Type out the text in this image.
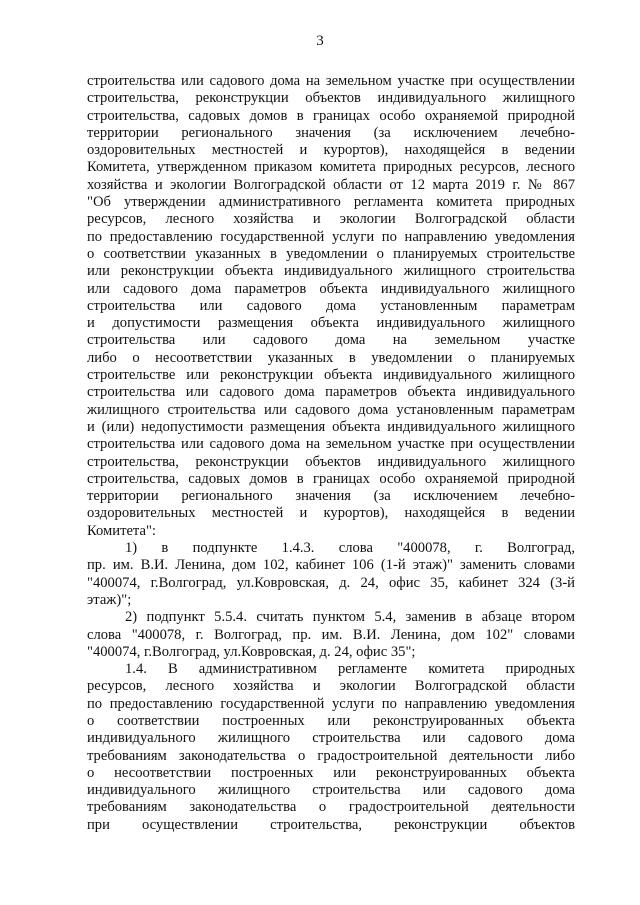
3

строительства или садового дома на земельном участке при осуществлении
строительства, реконструкции объектов индивидуального жилищного
строительства, садовых домов в границах особо охраняемой природной
территории регионального значения (за исключением лечебно-
оздоровительных местностей и курортов), находящейся в ведении
Комитета, утвержденном приказом комитета природных ресурсов, лесного
хозяйства и экологии Волгоградской области от 12 марта 2019 г. № 867
"Об утверждении административного регламента комитета природных
ресурсов, лесного хозяйства и экологии Волгоградской области
по предоставлению государственной услуги по направлению уведомления
о соответствии указанных в уведомлении о планируемых строительстве
или реконструкции объекта индивидуального жилищного строительства
или садового дома параметров объекта индивидуального жилищного
строительства или садового дома установленным параметрам
и допустимости размещения объекта индивидуального жилищного
строительства или садового дома на земельном участке
либо о несоответствии указанных в уведомлении о планируемых
строительстве или реконструкции объекта индивидуального жилищного
строительства или садового дома параметров объекта индивидуального
жилищного строительства или садового дома установленным параметрам
и (или) недопустимости размещения объекта индивидуального жилищного
строительства или садового дома на земельном участке при осуществлении
строительства, реконструкции объектов индивидуального жилищного
строительства, садовых домов в границах особо охраняемой природной
территории регионального значения (за исключением лечебно-
оздоровительных местностей и курортов), находящейся в ведении
Комитета":

1) в подпункте 1.4.3. слова "400078, г. Волгоград,
пр. им. В.И. Ленина, дом 102, кабинет 106 (1-й этаж)" заменить словами
"400074, г.Волгоград, ул.Ковровская, д. 24, офис 35, кабинет 324 (3-й
этаж)";

2) подпункт 5.5.4. считать пунктом 5.4, заменив в абзаце втором
слова "400078, г. Волгоград, пр. им. В.И. Ленина, дом 102" словами
"400074, г.Волгоград, ул.Ковровская, д. 24, офис 35";

1.4. В административном регламенте комитета природных
ресурсов, лесного хозяйства и экологии Волгоградской области
по предоставлению государственной услуги по направлению уведомления
о соответствии построенных или реконструированных объекта
индивидуального жилищного строительства или садового дома
требованиям законодательства о градостроительной деятельности либо
о несоответствии построенных или реконструированных объекта
индивидуального жилищного строительства или садового дома
требованиям законодательства о градостроительной деятельности
при осуществлении строительства, реконструкции объектов
